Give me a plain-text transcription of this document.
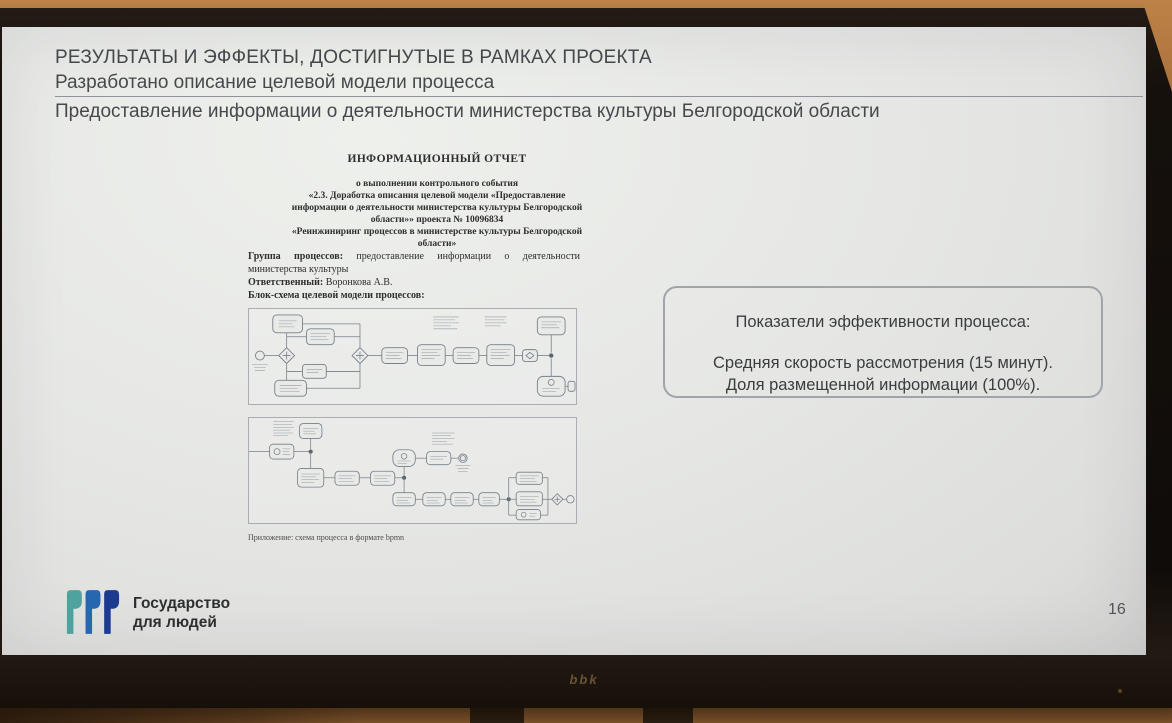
РЕЗУЛЬТАТЫ И ЭФФЕКТЫ, ДОСТИГНУТЫЕ В РАМКАХ ПРОЕКТА
Разработано описание целевой модели процесса
Предоставление информации о деятельности министерства культуры Белгородской области
ИНФОРМАЦИОННЫЙ ОТЧЕТ
о выполнении контрольного события
«2.3. Доработка описания целевой модели «Предоставление
информации о деятельности министерства культуры Белгородской
области»» проекта № 10096834
«Реинжиниринг процессов в министерстве культуры Белгородской
области»

Группа процессов: предоставление информации о деятельности министерства культуры

Ответственный: Воронкова А.В.

Блок-схема целевой модели процессов:

Приложение: схема процесса в формате bpmn
Показатели эффективности процесса:
Средняя скорость рассмотрения (15 минут).
Доля размещенной информации (100%).
Государство
для людей
16
bbk
